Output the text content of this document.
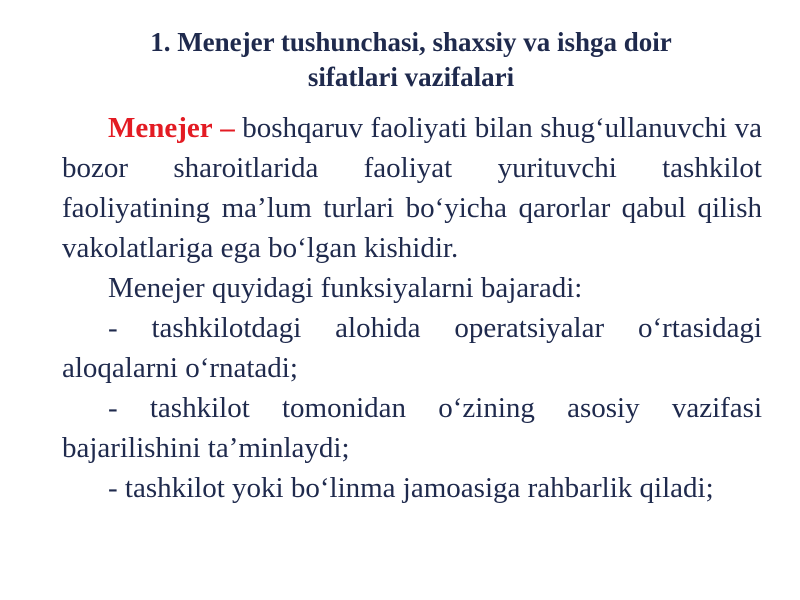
1. Menejer tushunchasi, shaxsiy va ishga doir
sifatlari vazifalari

Menejer – boshqaruv faoliyati bilan shug‘ullanuvchi va bozor sharoitlarida faoliyat yurituvchi tashkilot faoliyatining ma’lum turlari bo‘yicha qarorlar qabul qilish vakolatlariga ega bo‘lgan kishidir.

Menejer quyidagi funksiyalarni bajaradi:

- tashkilotdagi alohida operatsiyalar o‘rtasidagi aloqalarni o‘rnatadi;

- tashkilot tomonidan o‘zining asosiy vazifasi bajarilishini ta’minlaydi;

- tashkilot yoki bo‘linma jamoasiga rahbarlik qiladi;
